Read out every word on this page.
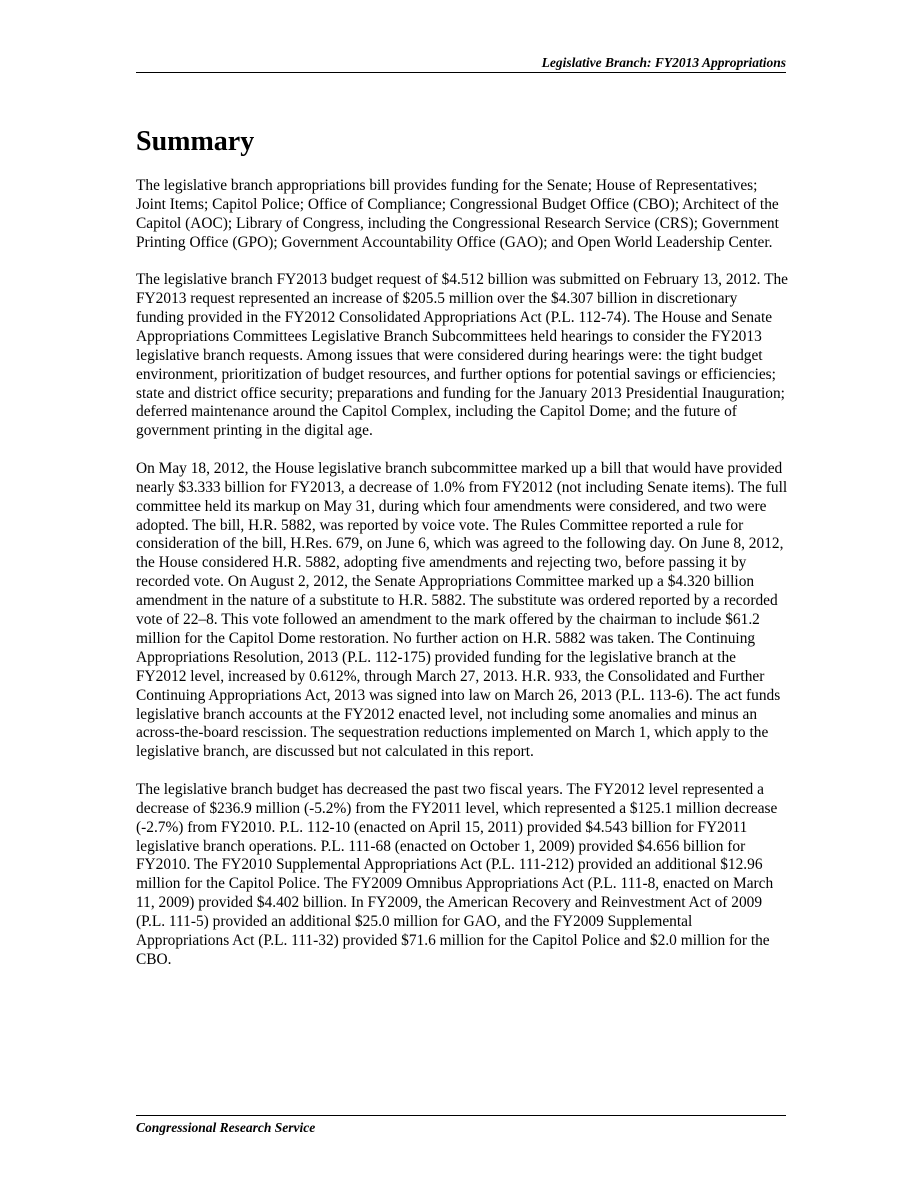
Legislative Branch: FY2013 Appropriations
Summary

The legislative branch appropriations bill provides funding for the Senate; House of Representatives; Joint Items; Capitol Police; Office of Compliance; Congressional Budget Office (CBO); Architect of the Capitol (AOC); Library of Congress, including the Congressional Research Service (CRS); Government Printing Office (GPO); Government Accountability Office (GAO); and Open World Leadership Center.

The legislative branch FY2013 budget request of $4.512 billion was submitted on February 13, 2012. The FY2013 request represented an increase of $205.5 million over the $4.307 billion in discretionary funding provided in the FY2012 Consolidated Appropriations Act (P.L. 112-74). The House and Senate Appropriations Committees Legislative Branch Subcommittees held hearings to consider the FY2013 legislative branch requests. Among issues that were considered during hearings were: the tight budget environment, prioritization of budget resources, and further options for potential savings or efficiencies; state and district office security; preparations and funding for the January 2013 Presidential Inauguration; deferred maintenance around the Capitol Complex, including the Capitol Dome; and the future of government printing in the digital age.

On May 18, 2012, the House legislative branch subcommittee marked up a bill that would have provided nearly $3.333 billion for FY2013, a decrease of 1.0% from FY2012 (not including Senate items). The full committee held its markup on May 31, during which four amendments were considered, and two were adopted. The bill, H.R. 5882, was reported by voice vote. The Rules Committee reported a rule for consideration of the bill, H.Res. 679, on June 6, which was agreed to the following day. On June 8, 2012, the House considered H.R. 5882, adopting five amendments and rejecting two, before passing it by recorded vote. On August 2, 2012, the Senate Appropriations Committee marked up a $4.320 billion amendment in the nature of a substitute to H.R. 5882. The substitute was ordered reported by a recorded vote of 22–8. This vote followed an amendment to the mark offered by the chairman to include $61.2 million for the Capitol Dome restoration. No further action on H.R. 5882 was taken. The Continuing Appropriations Resolution, 2013 (P.L. 112-175) provided funding for the legislative branch at the FY2012 level, increased by 0.612%, through March 27, 2013. H.R. 933, the Consolidated and Further Continuing Appropriations Act, 2013 was signed into law on March 26, 2013 (P.L. 113-6). The act funds legislative branch accounts at the FY2012 enacted level, not including some anomalies and minus an across-the-board rescission. The sequestration reductions implemented on March 1, which apply to the legislative branch, are discussed but not calculated in this report.

The legislative branch budget has decreased the past two fiscal years. The FY2012 level represented a decrease of $236.9 million (-5.2%) from the FY2011 level, which represented a $125.1 million decrease (-2.7%) from FY2010. P.L. 112-10 (enacted on April 15, 2011) provided $4.543 billion for FY2011 legislative branch operations. P.L. 111-68 (enacted on October 1, 2009) provided $4.656 billion for FY2010. The FY2010 Supplemental Appropriations Act (P.L. 111-212) provided an additional $12.96 million for the Capitol Police. The FY2009 Omnibus Appropriations Act (P.L. 111-8, enacted on March 11, 2009) provided $4.402 billion. In FY2009, the American Recovery and Reinvestment Act of 2009 (P.L. 111-5) provided an additional $25.0 million for GAO, and the FY2009 Supplemental Appropriations Act (P.L. 111-32) provided $71.6 million for the Capitol Police and $2.0 million for the CBO.

Congressional Research Service
